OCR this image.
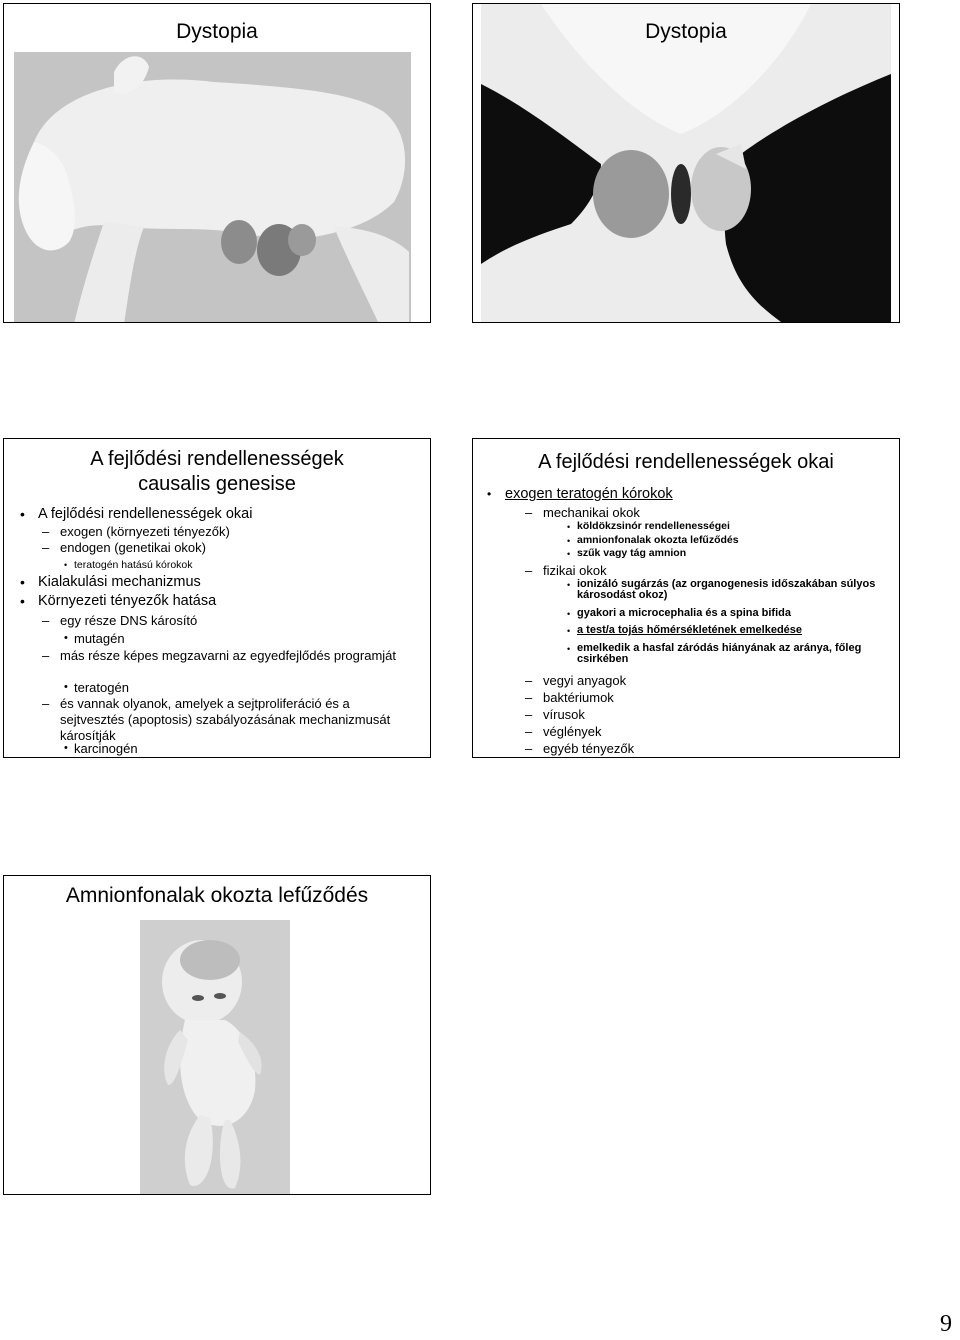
Dystopia	Dystopia
A fejlődési rendellenességek
causalis genesise
• A fejlődési rendellenességek okai
– exogen (környezeti tényezők)
– endogen (genetikai okok)
• teratogén hatású kórokok
• Kialakulási mechanizmus
• Környezeti tényezők hatása
– egy része DNS károsító
• mutagén
– más része képes megzavarni az egyedfejlődés programját
• teratogén
– és vannak olyanok, amelyek a sejtproliferáció és a sejtvesztés (apoptosis) szabályozásának mechanizmusát károsítják
• karcinogén
A fejlődési rendellenességek okai
• exogen teratogén kórokok
– mechanikai okok
• köldökzsinór rendellenességei
• amnionfonalak okozta lefűződés
• szűk vagy tág amnion
– fizikai okok
• ionizáló sugárzás (az organogenesis időszakában súlyos károsodást okoz)
• gyakori a microcephalia és a spina bifida
• a test/a tojás hőmérsékletének emelkedése
• emelkedik a hasfal záródás hiányának az aránya, főleg csirkében
– vegyi anyagok
– baktériumok
– vírusok
– véglények
– egyéb tényezők
Amnionfonalak okozta lefűződés
9
